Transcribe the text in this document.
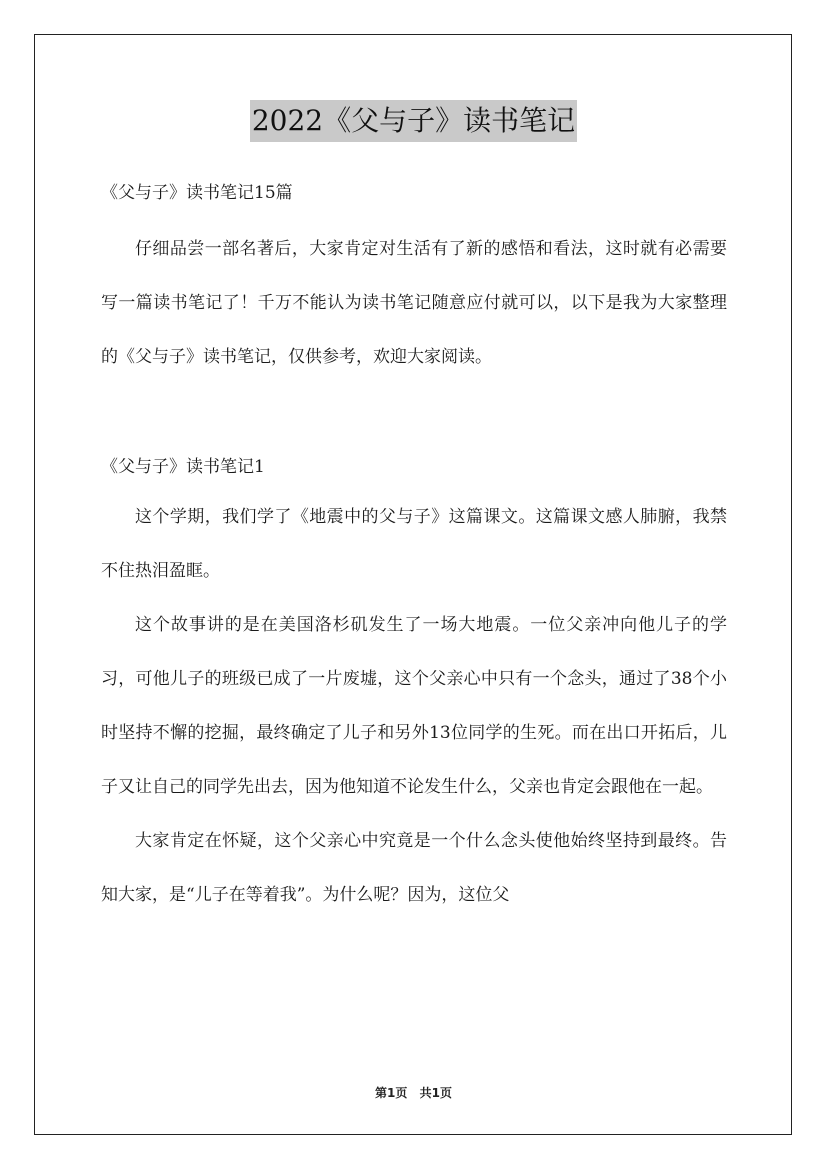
2022《父与子》读书笔记

《父与子》读书笔记15篇

仔细品尝一部名著后，大家肯定对生活有了新的感悟和看法，这时就有必需要写一篇读书笔记了！千万不能认为读书笔记随意应付就可以，以下是我为大家整理的《父与子》读书笔记，仅供参考，欢迎大家阅读。

《父与子》读书笔记1

这个学期，我们学了《地震中的父与子》这篇课文。这篇课文感人肺腑，我禁不住热泪盈眶。

这个故事讲的是在美国洛杉矶发生了一场大地震。一位父亲冲向他儿子的学习，可他儿子的班级已成了一片废墟，这个父亲心中只有一个念头，通过了38个小时坚持不懈的挖掘，最终确定了儿子和另外13位同学的生死。而在出口开拓后，儿子又让自己的同学先出去，因为他知道不论发生什么，父亲也肯定会跟他在一起。

大家肯定在怀疑，这个父亲心中究竟是一个什么念头使他始终坚持到最终。告知大家，是“儿子在等着我”。为什么呢？因为，这位父

第1页 共1页
